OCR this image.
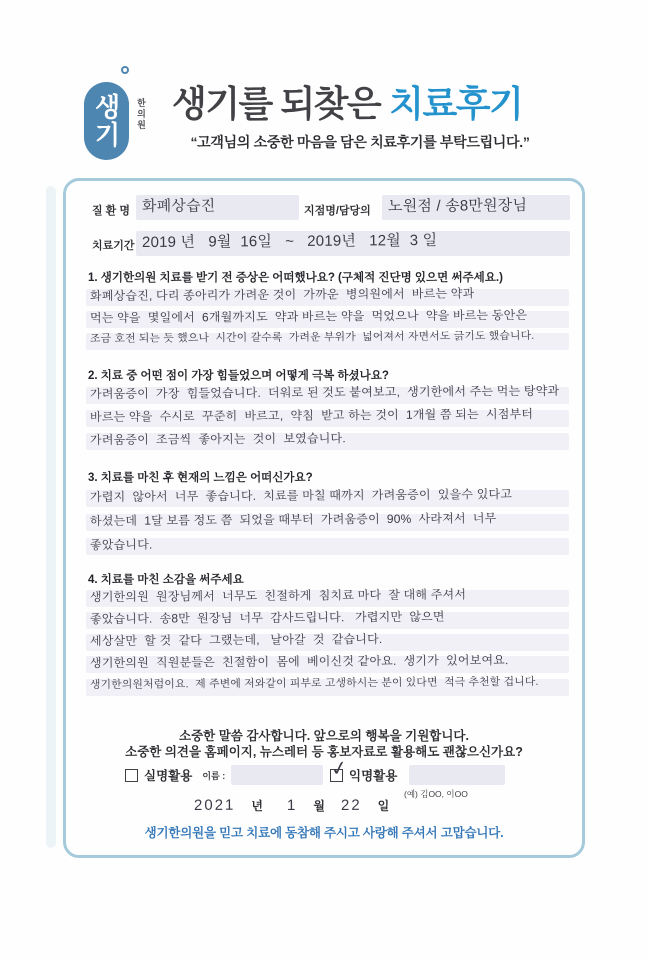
생기	한의원 생기를 되찾은 치료후기
“고객님의 소중한 마음을 담은 치료후기를 부탁드립니다.”
질 환 명 화폐상습진	지점명/담당의 노원점 / 송8만원장님
치료기간 2019 년   9월  16일   ~   2019년   12월  3 일
1. 생기한의원 치료를 받기 전 증상은 어떠했나요? (구체적 진단명 있으면 써주세요.)
화폐상습진, 다리 종아리가 가려운 것이  가까운  병의원에서  바르는 약과
먹는 약을  몇일에서  6개월까지도  약과 바르는 약을  먹었으나  약을 바르는 동안은
조금 호전 되는 듯 했으나  시간이 갈수록  가려운 부위가  넓어져서 자면서도 긁기도 했습니다.
2. 치료 중 어떤 점이 가장 힘들었으며 어떻게 극복 하셨나요?
가려움증이  가장  힘들었습니다.  더워로 된 것도 붙여보고,  생기한에서 주는 먹는 탕약과
바르는 약을  수시로  꾸준히  바르고,  약침  받고 하는 것이  1개월 쯤 되는  시점부터
가려움증이  조금씩  좋아지는  것이  보였습니다.
3. 치료를 마친 후 현재의 느낌은 어떠신가요?
가렵지  않아서  너무  좋습니다.  치료를 마칠 때까지  가려움증이  있을수 있다고
하셨는데  1달 보름 정도 쯤  되었을 때부터  가려움증이  90%  사라져서  너무
좋았습니다.
4. 치료를 마친 소감을 써주세요
생기한의원  원장님께서  너무도  친절하게  침치료 마다  잘 대해 주셔서
좋았습니다.  송8만  원장님  너무  감사드립니다.   가렵지만  않으면
세상살만  할 것  같다  그랬는데,   날아갈  것  같습니다.
생기한의원  직원분들은  친절함이  몸에  베이신것 같아요.  생기가  있어보여요.
생기한의원처럼이요.  제 주변에 저와같이 피부로 고생하시는 분이 있다면  적극 추천할 겁니다.
소중한 말씀 감사합니다. 앞으로의 행복을 기원합니다.
소중한 의견을 홈페이지, 뉴스레터 등 홍보자료로 활용해도 괜찮으신가요?
실명활용 이름 :	✓ 익명활용
(예) 김OO, 이OO
2021 년 1 월 22 일
생기한의원을 믿고 치료에 동참해 주시고 사랑해 주셔서 고맙습니다.
